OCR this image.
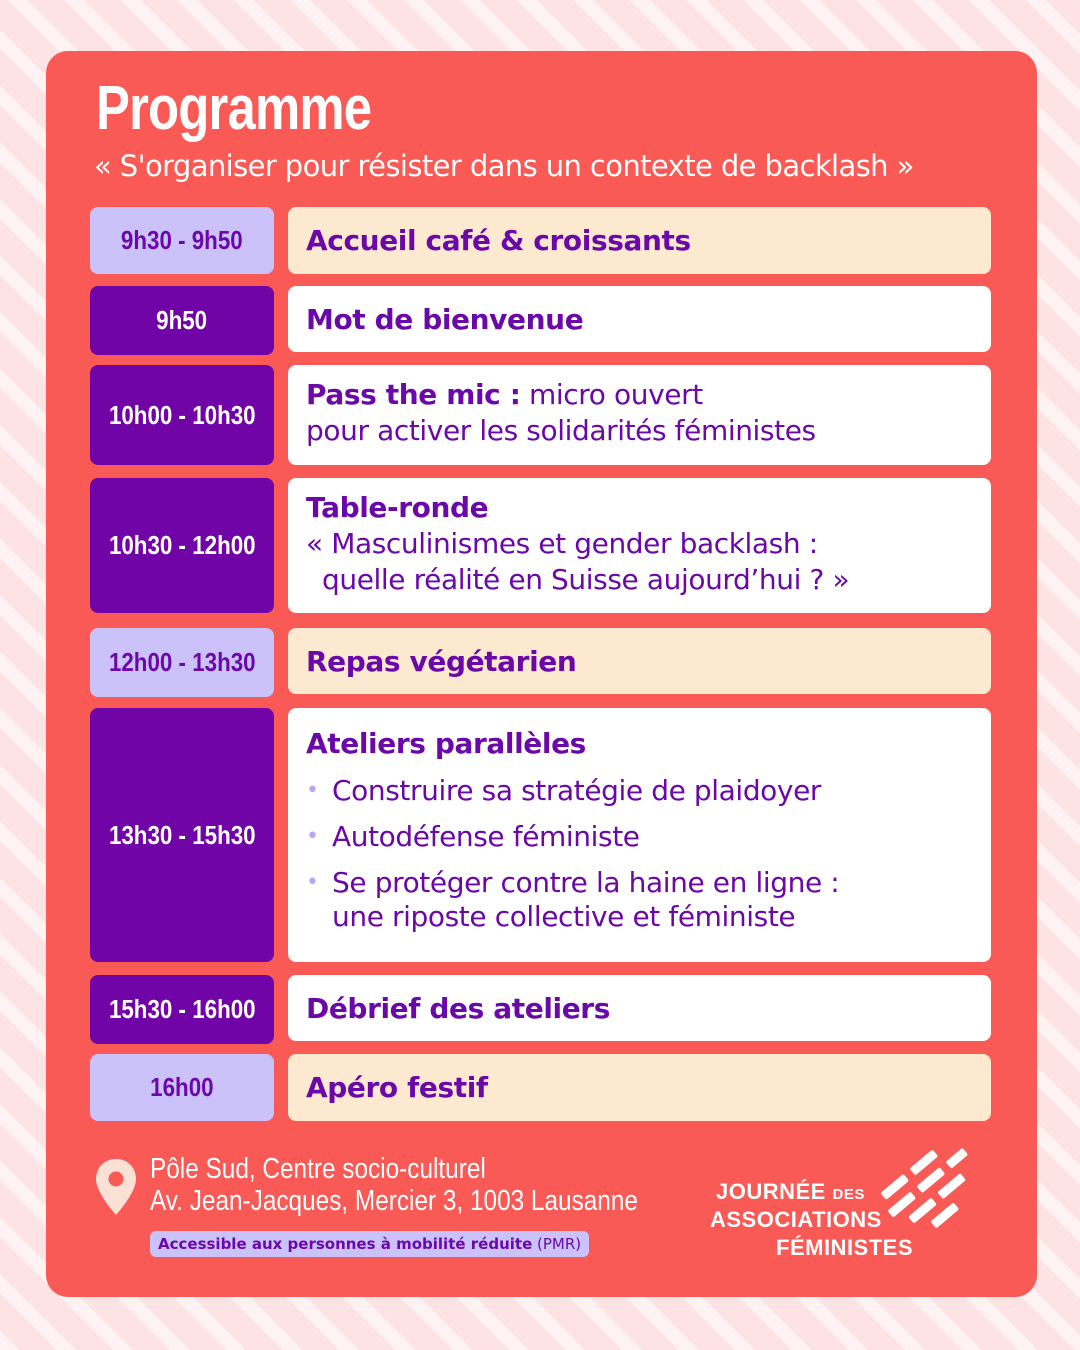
Programme

« S'organiser pour résister dans un contexte de backlash »

9h30 - 9h50 Accueil café & croissants
9h50	Mot de bienvenue
10h00 - 10h30
Pass the mic : micro ouvert
pour activer les solidarités féministes
10h30 - 12h00
Table-ronde
« Masculinismes et gender backlash :
quelle réalité en Suisse aujourd’hui ? »
12h00 - 13h30 Repas végétarien
13h30 - 15h30
Ateliers parallèles
• Construire sa stratégie de plaidoyer
• Autodéfense féministe
• Se protéger contre la haine en ligne :
une riposte collective et féministe
15h30 - 16h00 Débrief des ateliers
16h00	Apéro festif

Pôle Sud, Centre socio-culturel

Av. Jean-Jacques, Mercier 3, 1003 Lausanne

Accessible aux personnes à mobilité réduite (PMR)
JOURNÉE DES
ASSOCIATIONS
FÉMINISTES
